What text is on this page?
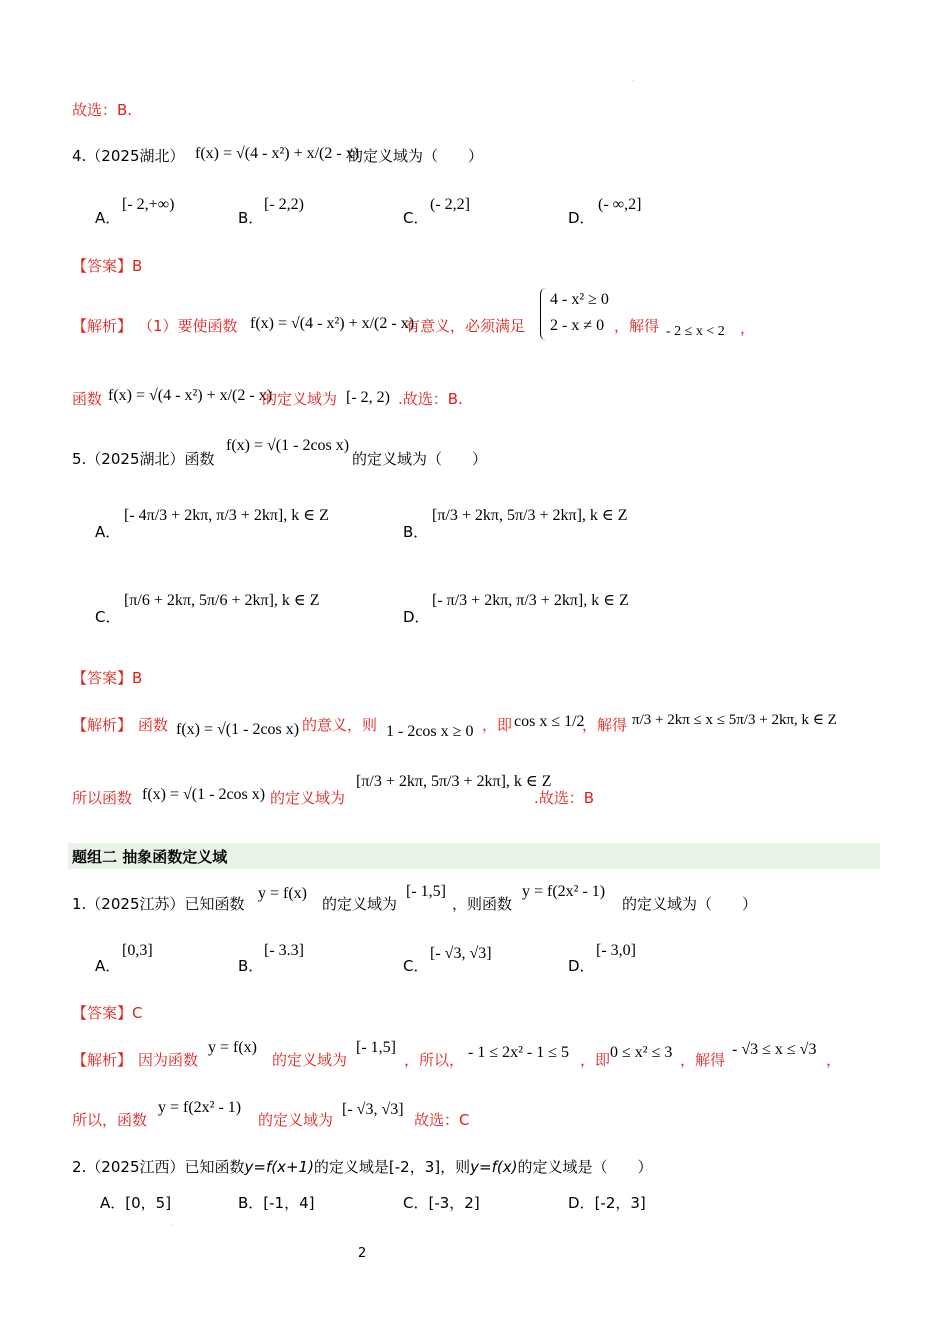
·
故选：B.
4.（2025湖北） f(x) = √(4 - x²) + x/(2 - x)
的定义域为（　　）
A．
[- 2,+∞)
B．
[- 2,2)
C．
(- 2,2]
D．
(- ∞,2]
【答案】B
【解析】 （1）要使函数 f(x) = √(4 - x²) + x/(2 - x)
有意义，必须满足
4 - x² ≥ 0
2 - x ≠ 0 ，解得 - 2 ≤ x < 2 ，
函数 f(x) = √(4 - x²) + x/(2 - x)
的定义域为 [- 2, 2) .故选：B.
5.（2025湖北）函数
f(x) = √(1 - 2cos x)
的定义域为（　　）
A．
[- 4π/3 + 2kπ, π/3 + 2kπ], k ∈ Z
B．
[π/3 + 2kπ, 5π/3 + 2kπ], k ∈ Z
C．
[π/6 + 2kπ, 5π/6 + 2kπ], k ∈ Z
D．
[- π/3 + 2kπ, π/3 + 2kπ], k ∈ Z
【答案】B
【解析】 函数 f(x) = √(1 - 2cos x) 的意义，则 1 - 2cos x ≥ 0 ，即 cos x ≤ 1/2
，解得 π/3 + 2kπ ≤ x ≤ 5π/3 + 2kπ, k ∈ Z
所以函数 f(x) = √(1 - 2cos x) 的定义域为
[π/3 + 2kπ, 5π/3 + 2kπ], k ∈ Z
.故选：B
题组二 抽象函数定义域
1.（2025江苏）已知函数
y = f(x)
的定义域为
[- 1,5]
，则函数
y = f(2x² - 1)
的定义域为（　　）
A．
[0,3]
B．
[- 3.3]
C．
[- √3, √3]
D．
[- 3,0]
【答案】C
【解析】 因为函数
y = f(x)
的定义域为
[- 1,5]
，所以， - 1 ≤ 2x² - 1 ≤ 5 ，即 0 ≤ x² ≤ 3 ，解得
- √3 ≤ x ≤ √3
，
所以，函数
y = f(2x² - 1)
的定义域为
[- √3, √3]
故选：C
2.（2025江西）已知函数y=f(x+1)的定义域是[-2，3]，则y=f(x)的定义域是（　　）
A．[0，5]	B．[-1，4]	C．[-3，2]	D．[-2，3]
·
2
